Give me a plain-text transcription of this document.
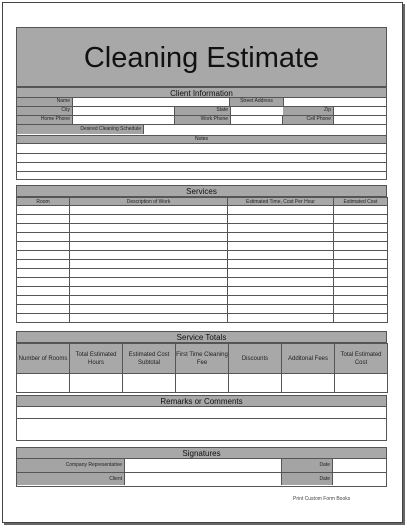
Cleaning Estimate
Client Information
Name	Street Address
City	State	Zip
Home Phone	Work Phone	Cell Phone
Desired Cleaning Schedule
Notes
Services
Room	Description of Work	Estimated Time, Cost Per Hour	Estimated Cost

Service Totals
Number of Rooms	Total Estimated Hours	Estimated Cost Subtotal	First Time Cleaning Fee	Discounts	Additonal Fees	Total Estimated Cost

Remarks or Comments
Signatures
Company Representative	Date
Client	Date
Print Custom Form Books
